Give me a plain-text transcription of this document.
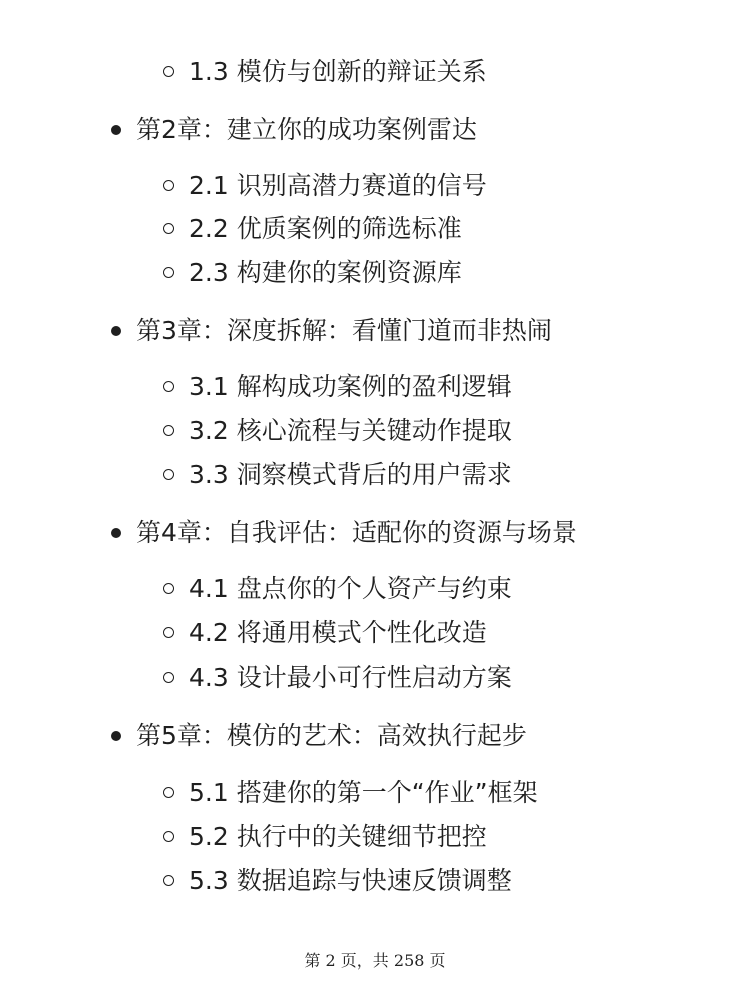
1.3 模仿与创新的辩证关系
第2章：建立你的成功案例雷达
2.1 识别高潜力赛道的信号
2.2 优质案例的筛选标准
2.3 构建你的案例资源库
第3章：深度拆解：看懂门道而非热闹
3.1 解构成功案例的盈利逻辑
3.2 核心流程与关键动作提取
3.3 洞察模式背后的用户需求
第4章：自我评估：适配你的资源与场景
4.1 盘点你的个人资产与约束
4.2 将通用模式个性化改造
4.3 设计最小可行性启动方案
第5章：模仿的艺术：高效执行起步
5.1 搭建你的第一个“作业”框架
5.2 执行中的关键细节把控
5.3 数据追踪与快速反馈调整
第 2 页，共 258 页
